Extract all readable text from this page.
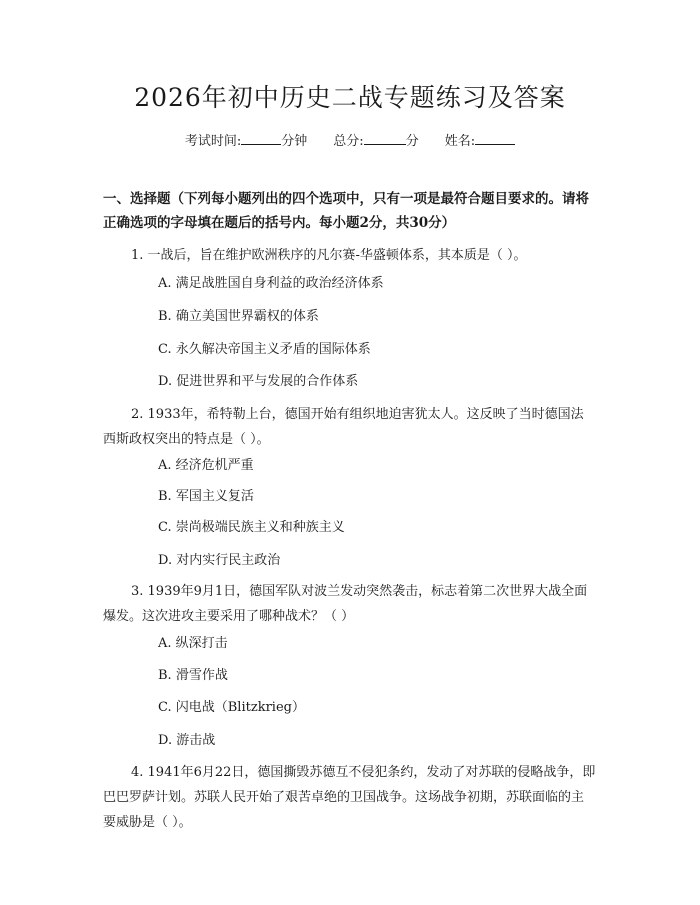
2026年初中历史二战专题练习及答案
考试时间:	分钟 总分:	分 姓名:
一、选择题（下列每小题列出的四个选项中，只有一项是最符合题目要求的。请将正确选项的字母填在题后的括号内。每小题2分，共30分）
1. 一战后，旨在维护欧洲秩序的凡尔赛-华盛顿体系，其本质是（ ）。
A. 满足战胜国自身利益的政治经济体系
B. 确立美国世界霸权的体系
C. 永久解决帝国主义矛盾的国际体系
D. 促进世界和平与发展的合作体系
2. 1933年，希特勒上台，德国开始有组织地迫害犹太人。这反映了当时德国法西斯政权突出的特点是（ ）。
A. 经济危机严重
B. 军国主义复活
C. 崇尚极端民族主义和种族主义
D. 对内实行民主政治
3. 1939年9月1日，德国军队对波兰发动突然袭击，标志着第二次世界大战全面爆发。这次进攻主要采用了哪种战术？（ ）
A. 纵深打击
B. 滑雪作战
C. 闪电战（Blitzkrieg）
D. 游击战
4. 1941年6月22日，德国撕毁苏德互不侵犯条约，发动了对苏联的侵略战争，即巴巴罗萨计划。苏联人民开始了艰苦卓绝的卫国战争。这场战争初期，苏联面临的主要威胁是（ ）。
